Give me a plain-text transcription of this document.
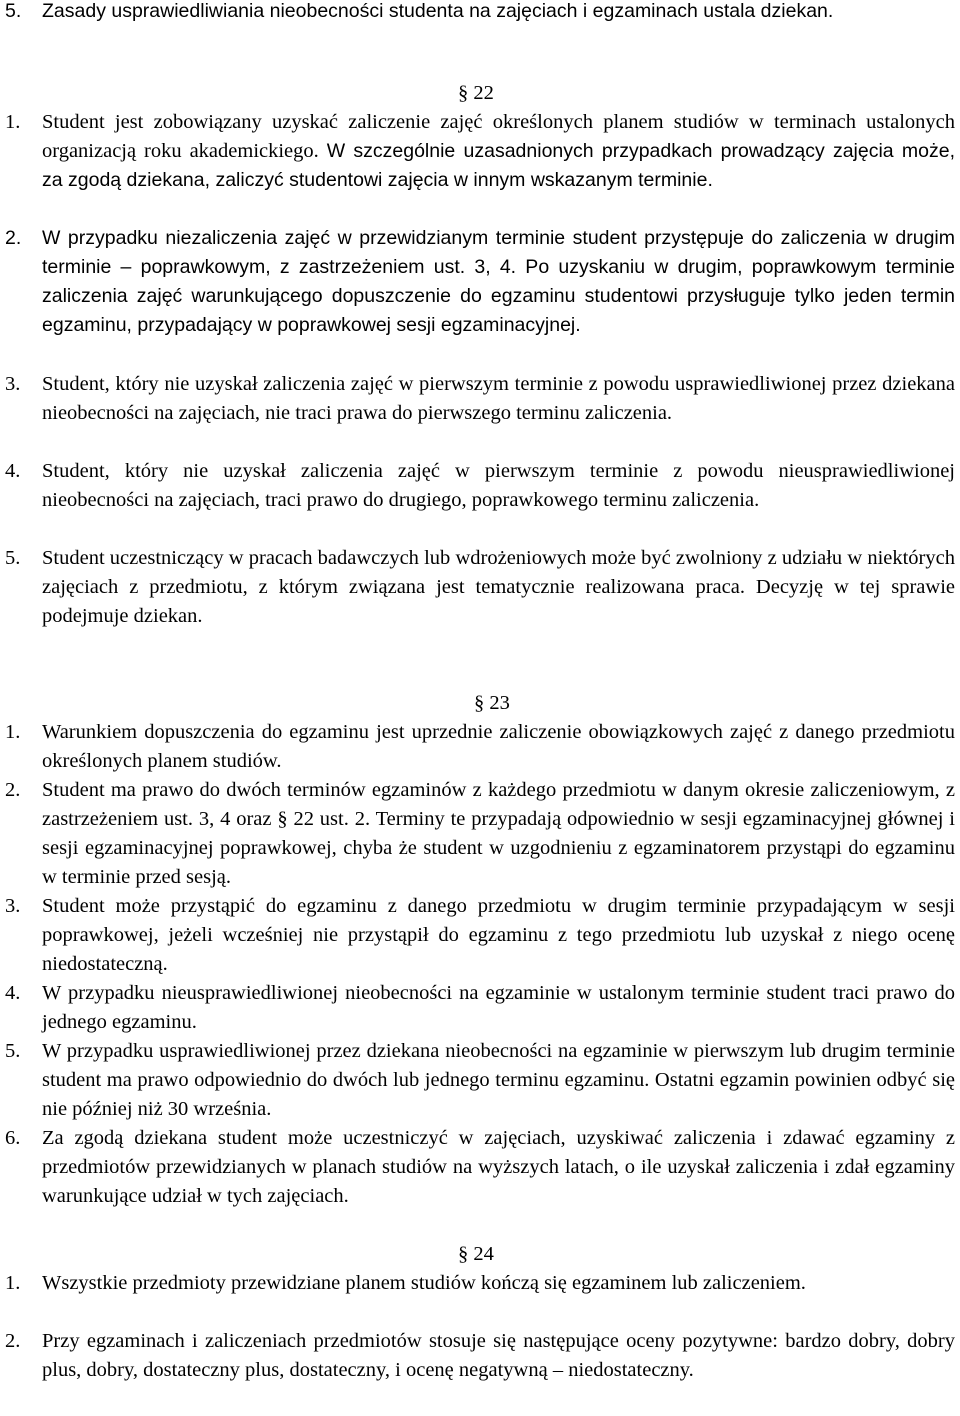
5. Zasady usprawiedliwiania nieobecności studenta na zajęciach i egzaminach ustala dziekan.
§ 22
1. Student jest zobowiązany uzyskać zaliczenie zajęć określonych planem studiów w terminach ustalonych organizacją roku akademickiego. W szczególnie uzasadnionych przypadkach prowadzący zajęcia może, za zgodą dziekana, zaliczyć studentowi zajęcia w innym wskazanym terminie.
2. W przypadku niezaliczenia zajęć w przewidzianym terminie student przystępuje do zaliczenia w drugim terminie – poprawkowym, z zastrzeżeniem ust. 3, 4. Po uzyskaniu w drugim, poprawkowym terminie zaliczenia zajęć warunkującego dopuszczenie do egzaminu studentowi przysługuje tylko jeden termin egzaminu, przypadający w poprawkowej sesji egzaminacyjnej.
3. Student, który nie uzyskał zaliczenia zajęć w pierwszym terminie z powodu usprawiedliwionej przez dziekana nieobecności na zajęciach, nie traci prawa do pierwszego terminu zaliczenia.
4. Student, który nie uzyskał zaliczenia zajęć w pierwszym terminie z powodu nieusprawiedliwionej nieobecności na zajęciach, traci prawo do drugiego, poprawkowego terminu zaliczenia.
5. Student uczestniczący w pracach badawczych lub wdrożeniowych może być zwolniony z udziału w niektórych zajęciach z przedmiotu, z którym związana jest tematycznie realizowana praca. Decyzję w tej sprawie podejmuje dziekan.
§ 23
1. Warunkiem dopuszczenia do egzaminu jest uprzednie zaliczenie obowiązkowych zajęć z danego przedmiotu określonych planem studiów.
2. Student ma prawo do dwóch terminów egzaminów z każdego przedmiotu w danym okresie zaliczeniowym, z zastrzeżeniem ust. 3, 4 oraz § 22 ust. 2. Terminy te przypadają odpowiednio w sesji egzaminacyjnej głównej i sesji egzaminacyjnej poprawkowej, chyba że student w uzgodnieniu z egzaminatorem przystąpi do egzaminu w terminie przed sesją.
3. Student może przystąpić do egzaminu z danego przedmiotu w drugim terminie przypadającym w sesji poprawkowej, jeżeli wcześniej nie przystąpił do egzaminu z tego przedmiotu lub uzyskał z niego ocenę niedostateczną.
4. W przypadku nieusprawiedliwionej nieobecności na egzaminie w ustalonym terminie student traci prawo do jednego egzaminu.
5. W przypadku usprawiedliwionej przez dziekana nieobecności na egzaminie w pierwszym lub drugim terminie student ma prawo odpowiednio do dwóch lub jednego terminu egzaminu. Ostatni egzamin powinien odbyć się nie później niż 30 września.
6. Za zgodą dziekana student może uczestniczyć w zajęciach, uzyskiwać zaliczenia i zdawać egzaminy z przedmiotów przewidzianych w planach studiów na wyższych latach, o ile uzyskał zaliczenia i zdał egzaminy warunkujące udział w tych zajęciach.
§ 24
1. Wszystkie przedmioty przewidziane planem studiów kończą się egzaminem lub zaliczeniem.
2. Przy egzaminach i zaliczeniach przedmiotów stosuje się następujące oceny pozytywne: bardzo dobry, dobry plus, dobry, dostateczny plus, dostateczny, i ocenę negatywną – niedostateczny.
